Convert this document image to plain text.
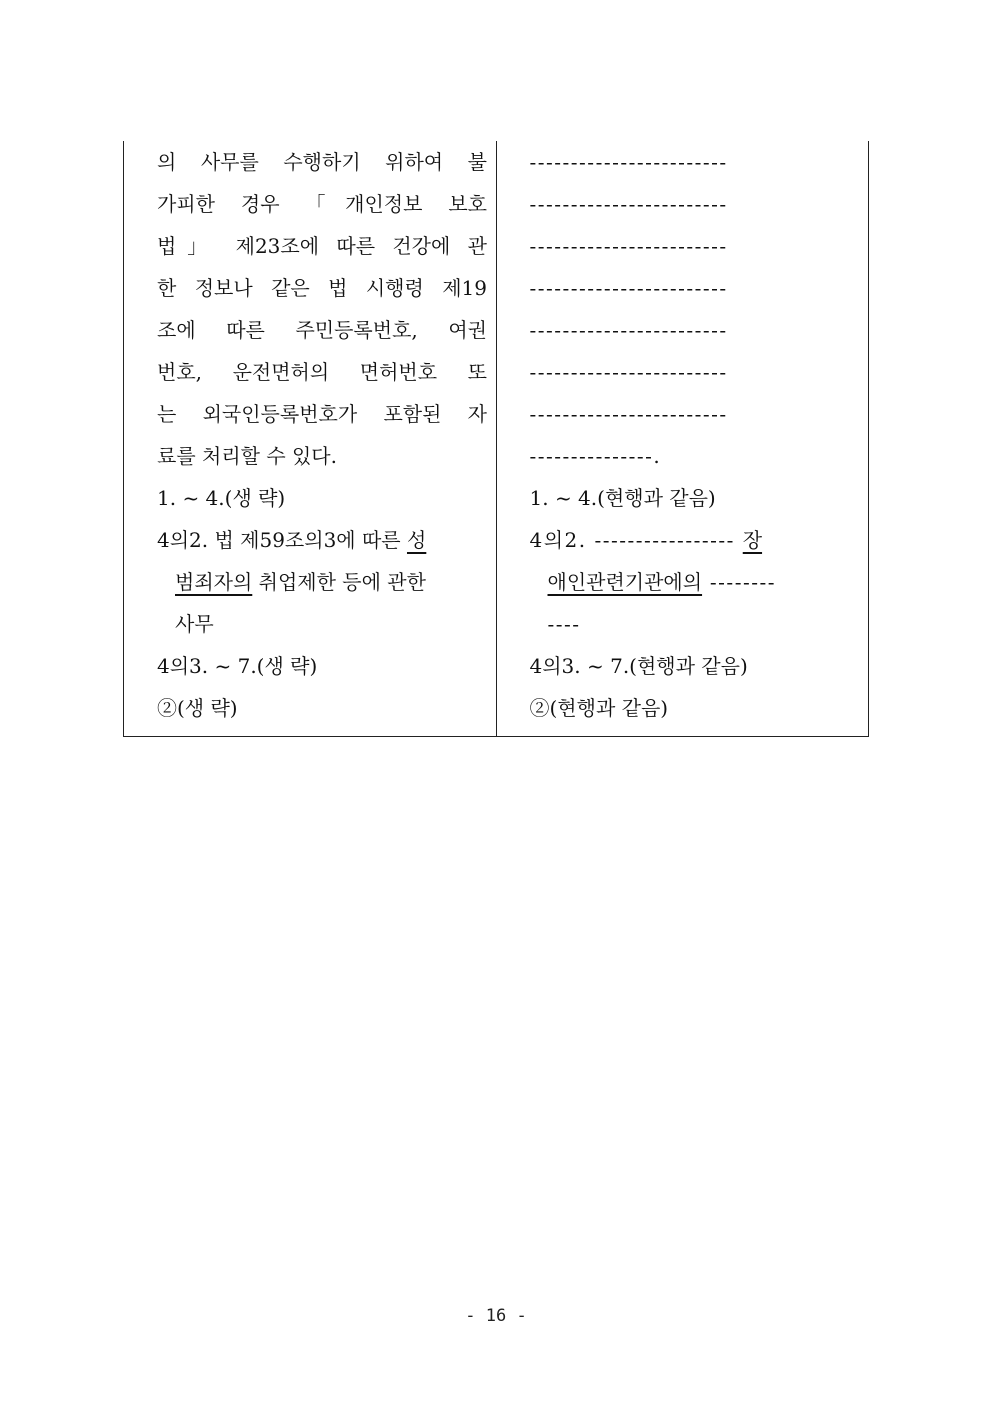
의 사무를 수행하기 위하여 불
가피한 경우 「개인정보 보호
법」 제23조에 따른 건강에 관
한 정보나 같은 법 시행령 제19
조에 따른 주민등록번호, 여권
번호, 운전면허의 면허번호 또
는 외국인등록번호가 포함된 자
료를 처리할 수 있다.
1. ~ 4.(생 략)
4의2. 법 제59조의3에 따른 성
범죄자의 취업제한 등에 관한
사무
4의3. ~ 7.(생 략)
②(생 략)
------------------------
------------------------
------------------------
------------------------
------------------------
------------------------
------------------------
---------------.
1. ~ 4.(현행과 같음)
4의2. ----------------- 장
애인관련기관에의 --------
----
4의3. ~ 7.(현행과 같음)
②(현행과 같음)
- 16 -
